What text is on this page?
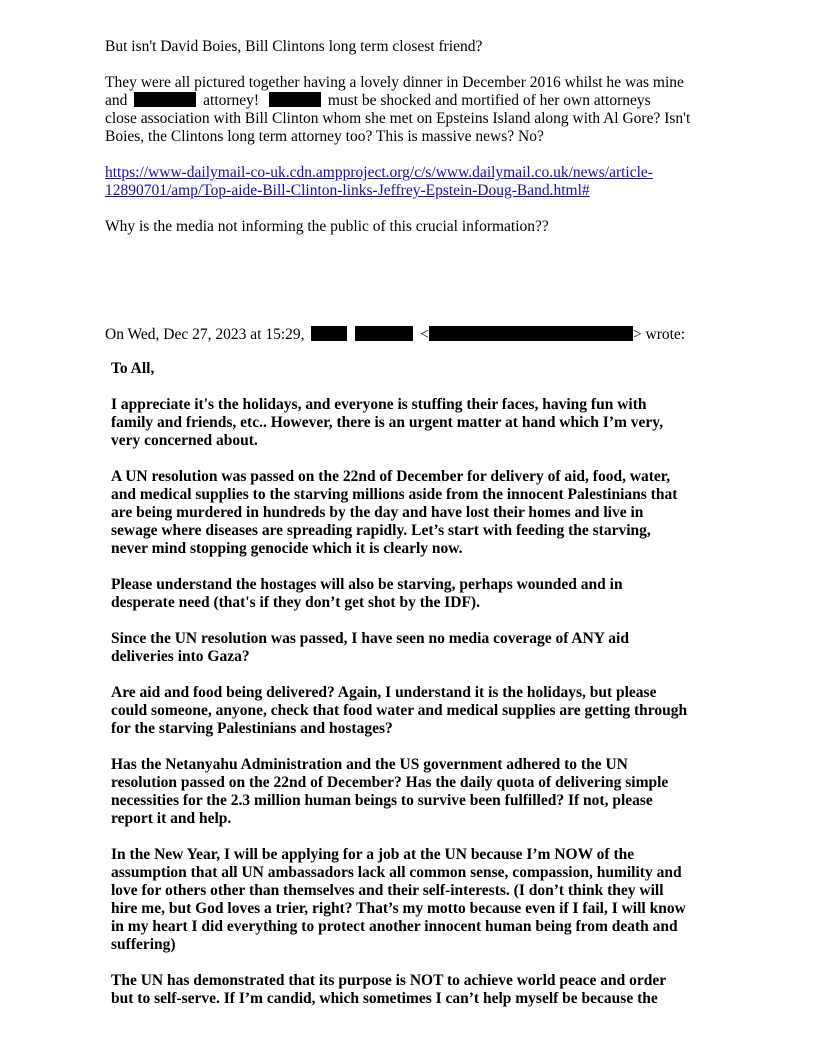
But isn't David Boies, Bill Clintons long term closest friend?
They were all pictured together having a lovely dinner in December 2016 whilst he was mine
and	attorney!	must be shocked and mortified of her own attorneys
close association with Bill Clinton whom she met on Epsteins Island along with Al Gore? Isn't
Boies, the Clintons long term attorney too? This is massive news? No?
https://www-dailymail-co-uk.cdn.ampproject.org/c/s/www.dailymail.co.uk/news/article-
12890701/amp/Top-aide-Bill-Clinton-links-Jeffrey-Epstein-Doug-Band.html#
Why is the media not informing the public of this crucial information??
On Wed, Dec 27, 2023 at 15:29,	<	> wrote:
To All,
I appreciate it's the holidays, and everyone is stuffing their faces, having fun with
family and friends, etc.. However, there is an urgent matter at hand which I’m very,
very concerned about.
A UN resolution was passed on the 22nd of December for delivery of aid, food, water,
and medical supplies to the starving millions aside from the innocent Palestinians that
are being murdered in hundreds by the day and have lost their homes and live in
sewage where diseases are spreading rapidly. Let’s start with feeding the starving,
never mind stopping genocide which it is clearly now.
Please understand the hostages will also be starving, perhaps wounded and in
desperate need (that's if they don’t get shot by the IDF).
Since the UN resolution was passed, I have seen no media coverage of ANY aid
deliveries into Gaza?
Are aid and food being delivered? Again, I understand it is the holidays, but please
could someone, anyone, check that food water and medical supplies are getting through
for the starving Palestinians and hostages?
Has the Netanyahu Administration and the US government adhered to the UN
resolution passed on the 22nd of December? Has the daily quota of delivering simple
necessities for the 2.3 million human beings to survive been fulfilled? If not, please
report it and help.
In the New Year, I will be applying for a job at the UN because I’m NOW of the
assumption that all UN ambassadors lack all common sense, compassion, humility and
love for others other than themselves and their self-interests. (I don’t think they will
hire me, but God loves a trier, right? That’s my motto because even if I fail, I will know
in my heart I did everything to protect another innocent human being from death and
suffering)
The UN has demonstrated that its purpose is NOT to achieve world peace and order
but to self-serve. If I’m candid, which sometimes I can’t help myself be because the
